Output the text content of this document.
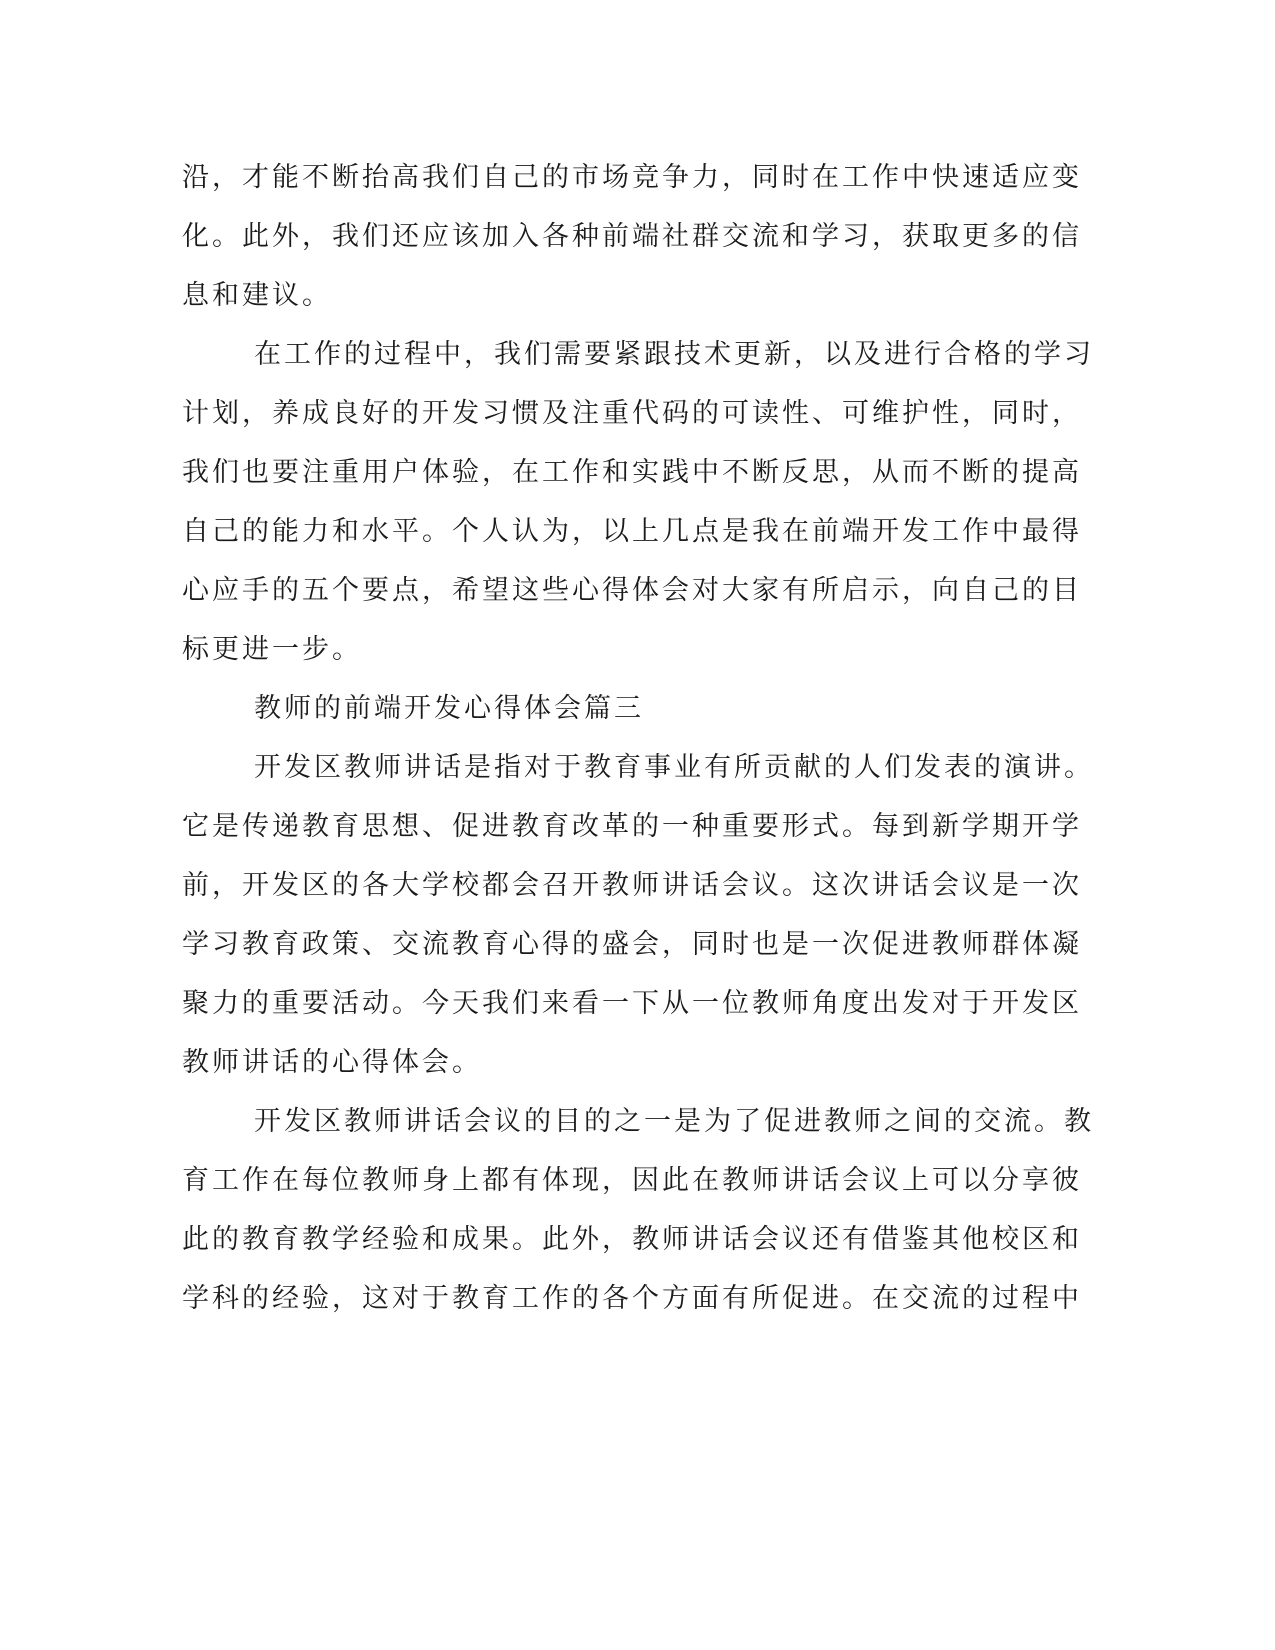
沿，才能不断抬高我们自己的市场竞争力，同时在工作中快速适应变
化。此外，我们还应该加入各种前端社群交流和学习，获取更多的信
息和建议。
在工作的过程中，我们需要紧跟技术更新，以及进行合格的学习
计划，养成良好的开发习惯及注重代码的可读性、可维护性，同时，
我们也要注重用户体验，在工作和实践中不断反思，从而不断的提高
自己的能力和水平。个人认为，以上几点是我在前端开发工作中最得
心应手的五个要点，希望这些心得体会对大家有所启示，向自己的目
标更进一步。
教师的前端开发心得体会篇三
开发区教师讲话是指对于教育事业有所贡献的人们发表的演讲。
它是传递教育思想、促进教育改革的一种重要形式。每到新学期开学
前，开发区的各大学校都会召开教师讲话会议。这次讲话会议是一次
学习教育政策、交流教育心得的盛会，同时也是一次促进教师群体凝
聚力的重要活动。今天我们来看一下从一位教师角度出发对于开发区
教师讲话的心得体会。
开发区教师讲话会议的目的之一是为了促进教师之间的交流。教
育工作在每位教师身上都有体现，因此在教师讲话会议上可以分享彼
此的教育教学经验和成果。此外，教师讲话会议还有借鉴其他校区和
学科的经验，这对于教育工作的各个方面有所促进。在交流的过程中
